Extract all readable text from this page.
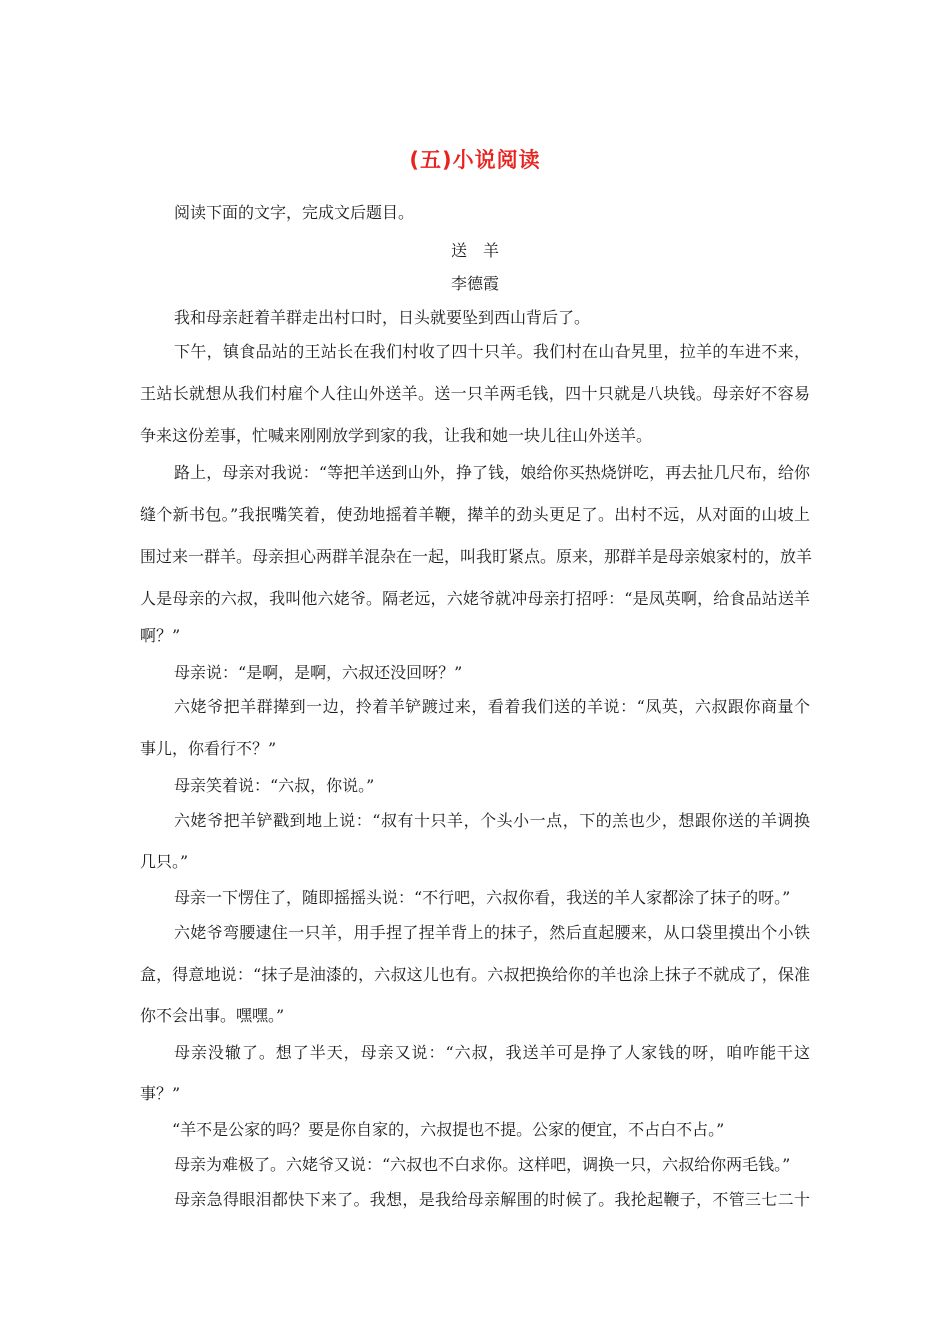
(五)小说阅读
阅读下面的文字，完成文后题目。
送　羊
李德霞
我和母亲赶着羊群走出村口时，日头就要坠到西山背后了。
下午，镇食品站的王站长在我们村收了四十只羊。我们村在山旮旯里，拉羊的车进不来，
王站长就想从我们村雇个人往山外送羊。送一只羊两毛钱，四十只就是八块钱。母亲好不容易
争来这份差事，忙喊来刚刚放学到家的我，让我和她一块儿往山外送羊。
路上，母亲对我说：“等把羊送到山外，挣了钱，娘给你买热烧饼吃，再去扯几尺布，给你
缝个新书包。”我抿嘴笑着，使劲地摇着羊鞭，撵羊的劲头更足了。出村不远，从对面的山坡上
围过来一群羊。母亲担心两群羊混杂在一起，叫我盯紧点。原来，那群羊是母亲娘家村的，放羊
人是母亲的六叔，我叫他六姥爷。隔老远，六姥爷就冲母亲打招呼：“是凤英啊，给食品站送羊
啊？”
母亲说：“是啊，是啊，六叔还没回呀？”
六姥爷把羊群撵到一边，拎着羊铲踱过来，看着我们送的羊说：“凤英，六叔跟你商量个
事儿，你看行不？”
母亲笑着说：“六叔，你说。”
六姥爷把羊铲戳到地上说：“叔有十只羊，个头小一点，下的羔也少，想跟你送的羊调换
几只。”
母亲一下愣住了，随即摇摇头说：“不行吧，六叔你看，我送的羊人家都涂了抹子的呀。”
六姥爷弯腰逮住一只羊，用手捏了捏羊背上的抹子，然后直起腰来，从口袋里摸出个小铁
盒，得意地说：“抹子是油漆的，六叔这儿也有。六叔把换给你的羊也涂上抹子不就成了，保准
你不会出事。嘿嘿。”
母亲没辙了。想了半天，母亲又说：“六叔，我送羊可是挣了人家钱的呀，咱咋能干这
事？”
“羊不是公家的吗？要是你自家的，六叔提也不提。公家的便宜，不占白不占。”
母亲为难极了。六姥爷又说：“六叔也不白求你。这样吧，调换一只，六叔给你两毛钱。”
母亲急得眼泪都快下来了。我想，是我给母亲解围的时候了。我抡起鞭子，不管三七二十
